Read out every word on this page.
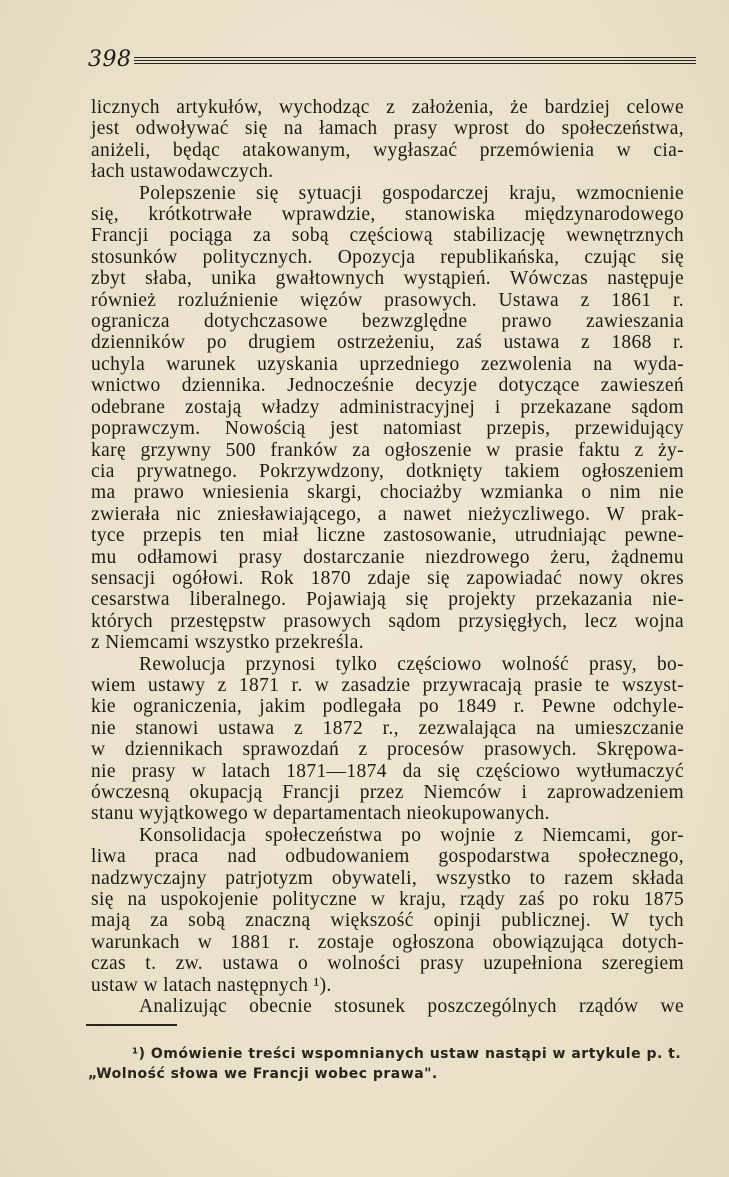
398
licznych artykułów, wychodząc z założenia, że bardziej celowe
jest odwoływać się na łamach prasy wprost do społeczeństwa,
aniżeli, będąc atakowanym, wygłaszać przemówienia w cia-
łach ustawodawczych.
Polepszenie się sytuacji gospodarczej kraju, wzmocnienie
się, krótkotrwałe wprawdzie, stanowiska międzynarodowego
Francji pociąga za sobą częściową stabilizację wewnętrznych
stosunków politycznych. Opozycja republikańska, czując się
zbyt słaba, unika gwałtownych wystąpień. Wówczas następuje
również rozluźnienie więzów prasowych. Ustawa z 1861 r.
ogranicza dotychczasowe bezwzględne prawo zawieszania
dzienników po drugiem ostrzeżeniu, zaś ustawa z 1868 r.
uchyla warunek uzyskania uprzedniego zezwolenia na wyda-
wnictwo dziennika. Jednocześnie decyzje dotyczące zawieszeń
odebrane zostają władzy administracyjnej i przekazane sądom
poprawczym. Nowością jest natomiast przepis, przewidujący
karę grzywny 500 franków za ogłoszenie w prasie faktu z ży-
cia prywatnego. Pokrzywdzony, dotknięty takiem ogłoszeniem
ma prawo wniesienia skargi, chociażby wzmianka o nim nie
zwierała nic zniesławiającego, a nawet nieżyczliwego. W prak-
tyce przepis ten miał liczne zastosowanie, utrudniając pewne-
mu odłamowi prasy dostarczanie niezdrowego żeru, żądnemu
sensacji ogółowi. Rok 1870 zdaje się zapowiadać nowy okres
cesarstwa liberalnego. Pojawiają się projekty przekazania nie-
których przestępstw prasowych sądom przysięgłych, lecz wojna
z Niemcami wszystko przekreśla.
Rewolucja przynosi tylko częściowo wolność prasy, bo-
wiem ustawy z 1871 r. w zasadzie przywracają prasie te wszyst-
kie ograniczenia, jakim podlegała po 1849 r. Pewne odchyle-
nie stanowi ustawa z 1872 r., zezwalająca na umieszczanie
w dziennikach sprawozdań z procesów prasowych. Skrępowa-
nie prasy w latach 1871—1874 da się częściowo wytłumaczyć
ówczesną okupacją Francji przez Niemców i zaprowadzeniem
stanu wyjątkowego w departamentach nieokupowanych.
Konsolidacja społeczeństwa po wojnie z Niemcami, gor-
liwa praca nad odbudowaniem gospodarstwa społecznego,
nadzwyczajny patrjotyzm obywateli, wszystko to razem składa
się na uspokojenie polityczne w kraju, rządy zaś po roku 1875
mają za sobą znaczną większość opinji publicznej. W tych
warunkach w 1881 r. zostaje ogłoszona obowiązująca dotych-
czas t. zw. ustawa o wolności prasy uzupełniona szeregiem
ustaw w latach następnych ¹).
Analizując obecnie stosunek poszczególnych rządów we
¹) Omówienie treści wspomnianych ustaw nastąpi w artykule p. t.
„Wolność słowa we Francji wobec prawa".
